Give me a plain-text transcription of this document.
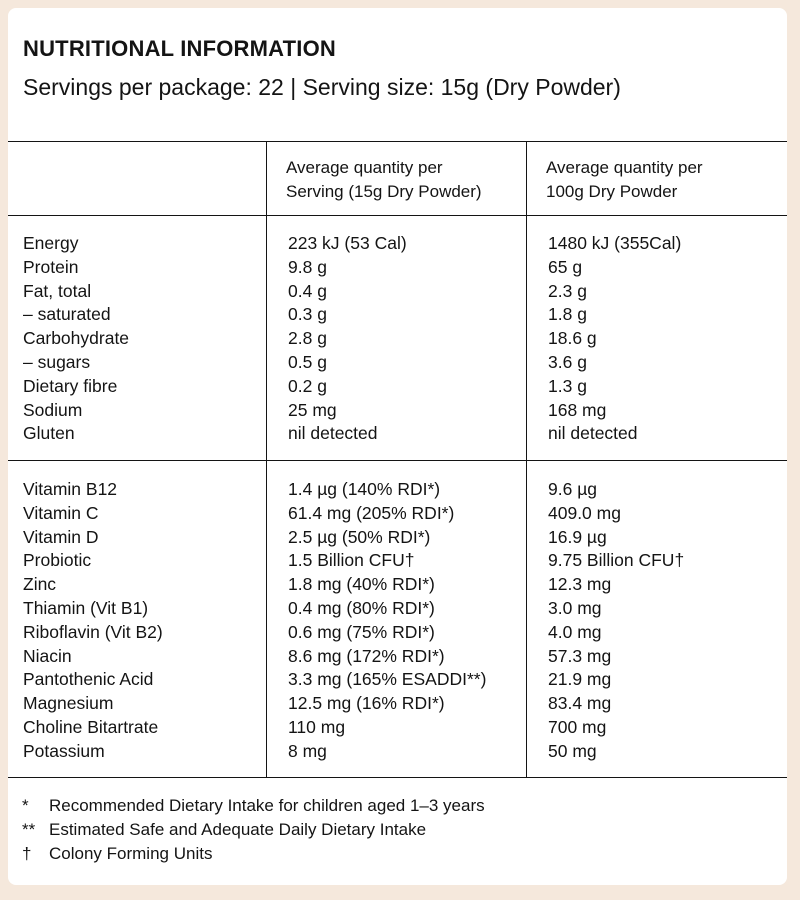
NUTRITIONAL INFORMATION
Servings per package: 22 | Serving size: 15g (Dry Powder)
Average quantity per
Serving (15g Dry Powder)
Average quantity per
100g Dry Powder
Energy
Protein
Fat, total
– saturated
Carbohydrate
– sugars
Dietary fibre
Sodium
Gluten
223 kJ (53 Cal)
9.8 g
0.4 g
0.3 g
2.8 g
0.5 g
0.2 g
25 mg
nil detected
1480 kJ (355Cal)
65 g
2.3 g
1.8 g
18.6 g
3.6 g
1.3 g
168 mg
nil detected
Vitamin B12
Vitamin C
Vitamin D
Probiotic
Zinc
Thiamin (Vit B1)
Riboflavin (Vit B2)
Niacin
Pantothenic Acid
Magnesium
Choline Bitartrate
Potassium
1.4 µg (140% RDI*)
61.4 mg (205% RDI*)
2.5 µg (50% RDI*)
1.5 Billion CFU†
1.8 mg (40% RDI*)
0.4 mg (80% RDI*)
0.6 mg (75% RDI*)
8.6 mg (172% RDI*)
3.3 mg (165% ESADDI**)
12.5 mg (16% RDI*)
110 mg
8 mg
9.6 µg
409.0 mg
16.9 µg
9.75 Billion CFU†
12.3 mg
3.0 mg
4.0 mg
57.3 mg
21.9 mg
83.4 mg
700 mg
50 mg
*	Recommended Dietary Intake for children aged 1–3 years
** Estimated Safe and Adequate Daily Dietary Intake
†	Colony Forming Units
